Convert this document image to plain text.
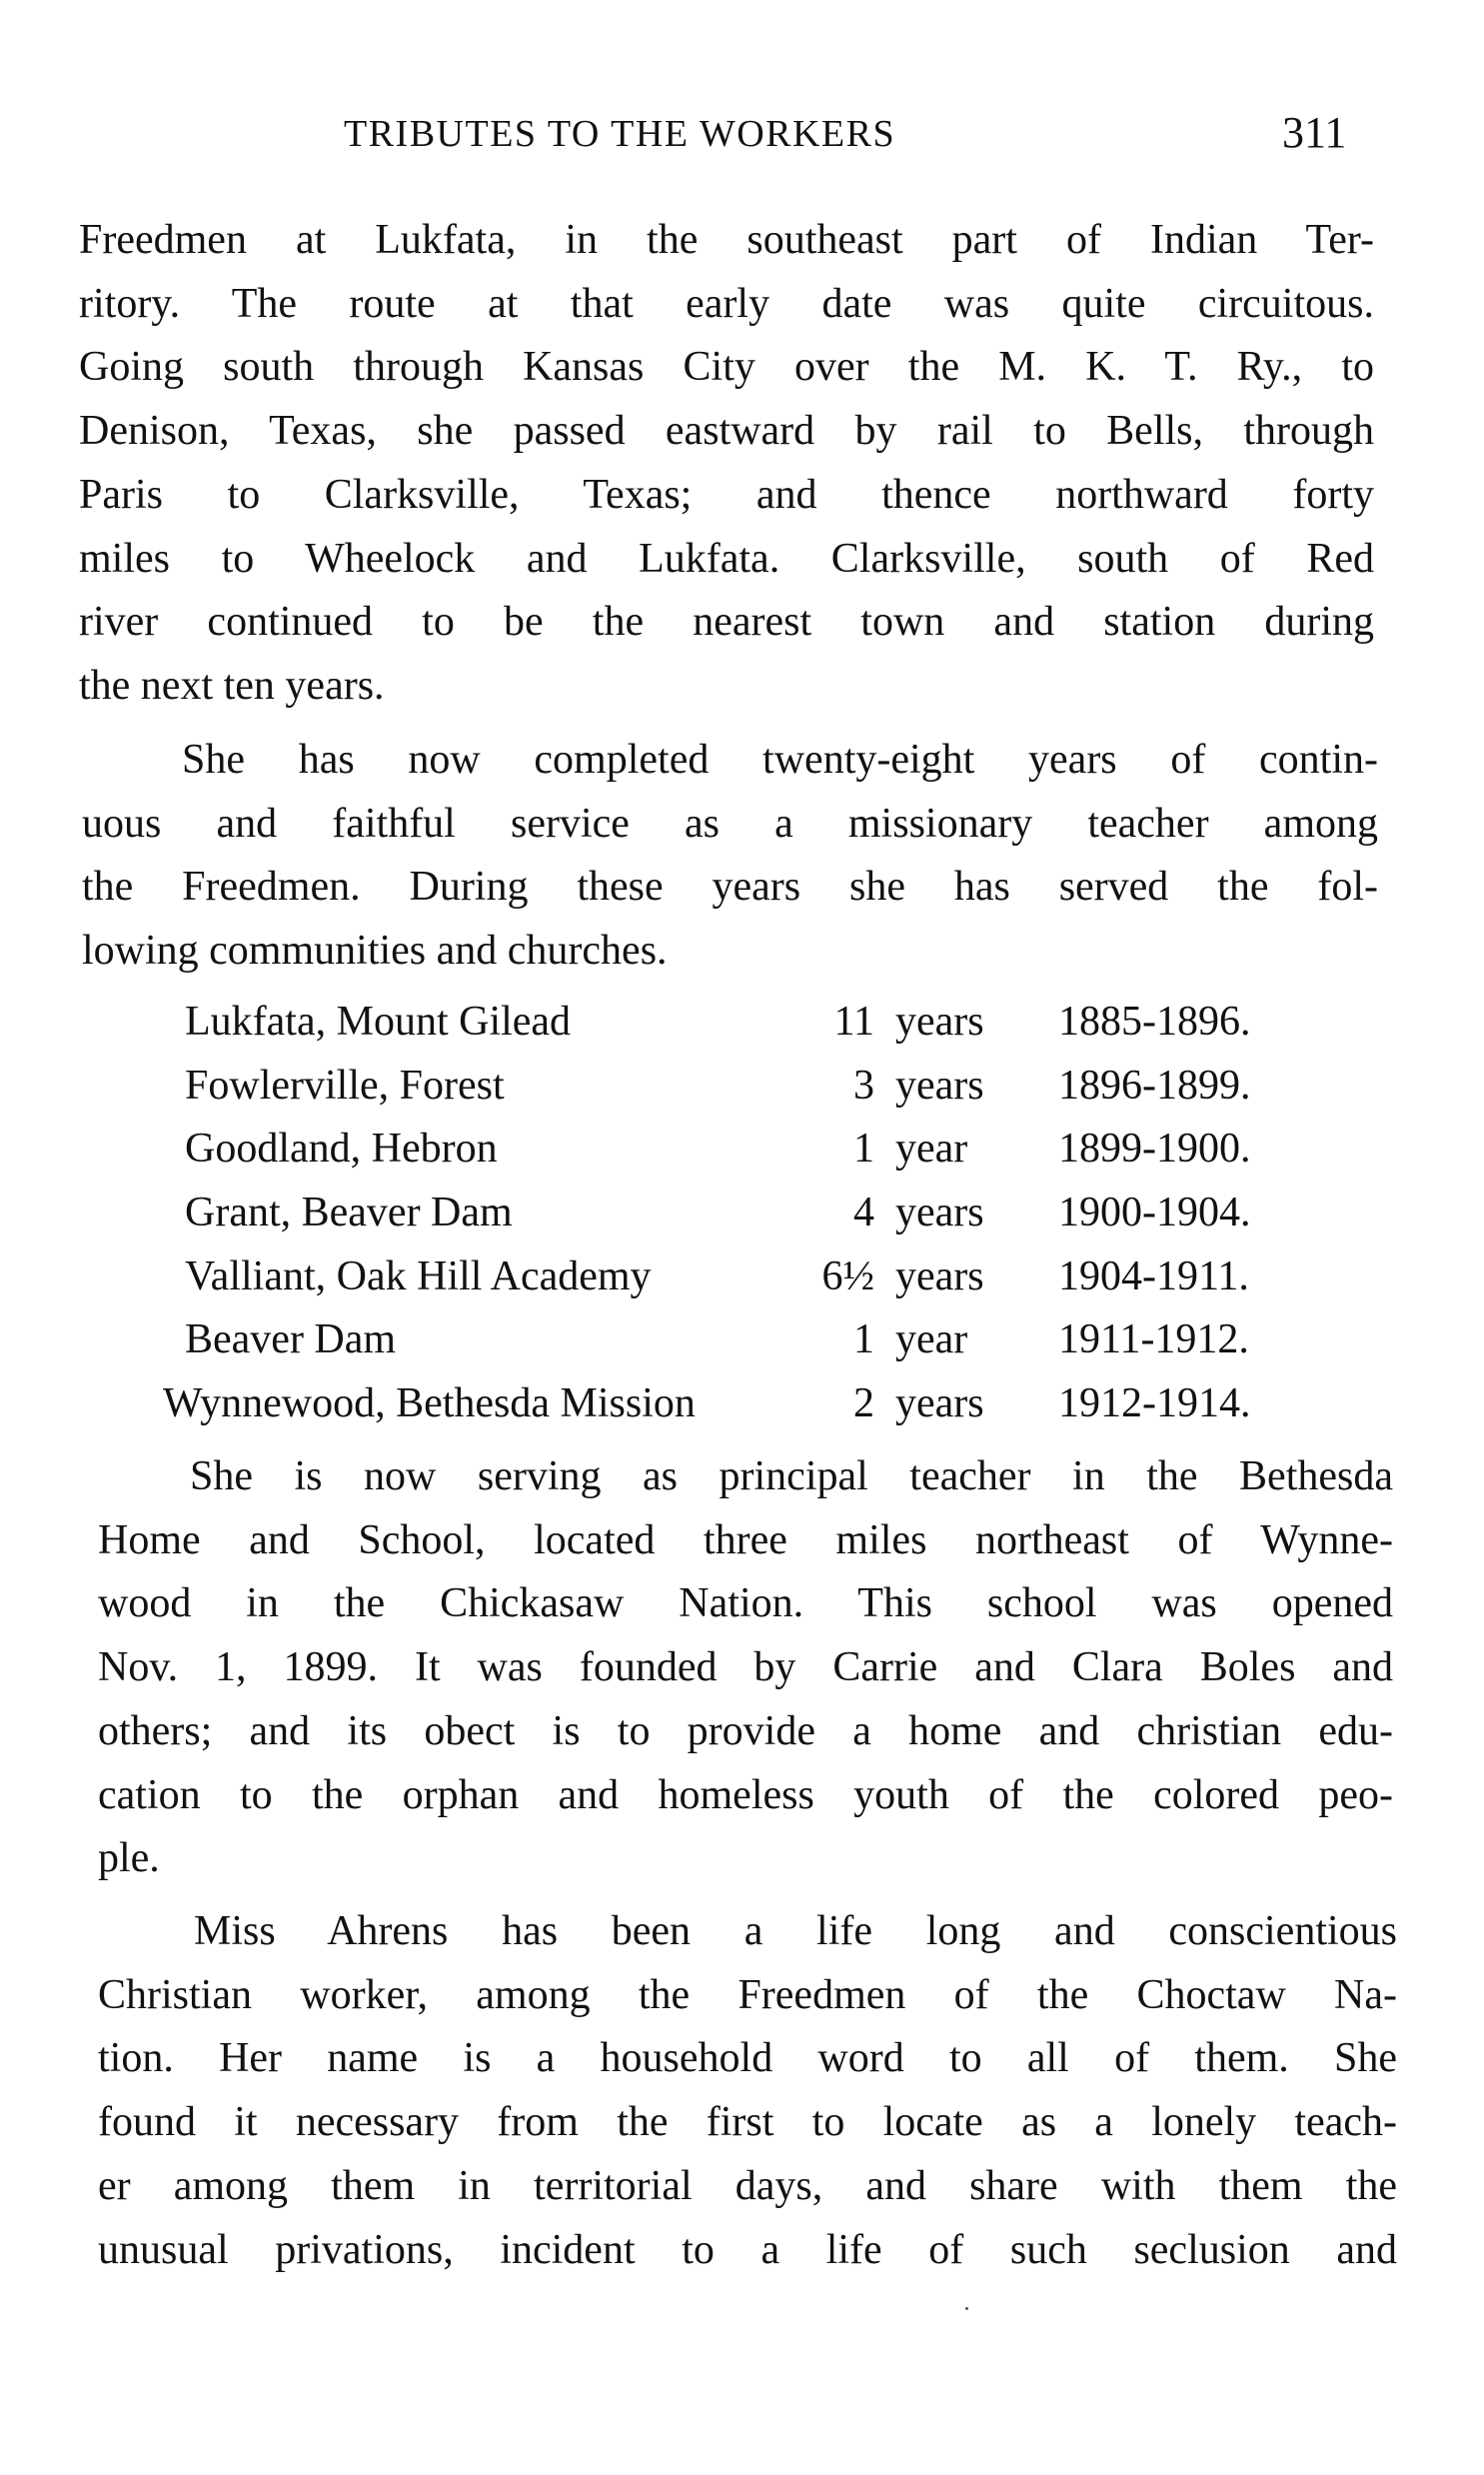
TRIBUTES TO THE WORKERS	311
Freedmen at Lukfata, in the southeast part of Indian Ter-
ritory. The route at that early date was quite circuitous.
Going south through Kansas City over the M. K. T. Ry., to
Denison, Texas, she passed eastward by rail to Bells, through
Paris to Clarksville, Texas; and thence northward forty
miles to Wheelock and Lukfata. Clarksville, south of Red
river continued to be the nearest town and station during
the next ten years.
She has now completed twenty-eight years of contin-
uous and faithful service as a missionary teacher among
the Freedmen. During these years she has served the fol-
lowing communities and churches.
Lukfata, Mount Gilead	11 years 1885-1896.
Fowlerville, Forest	3 years 1896-1899.
Goodland, Hebron	1 year 1899-1900.
Grant, Beaver Dam	4 years 1900-1904.
Valliant, Oak Hill Academy	6½ years 1904-1911.
Beaver Dam	1 year 1911-1912.
Wynnewood, Bethesda Mission	2 years 1912-1914.
She is now serving as principal teacher in the Bethesda
Home and School, located three miles northeast of Wynne-
wood in the Chickasaw Nation. This school was opened
Nov. 1, 1899. It was founded by Carrie and Clara Boles and
others; and its obect is to provide a home and christian edu-
cation to the orphan and homeless youth of the colored peo-
ple.
Miss Ahrens has been a life long and conscientious
Christian worker, among the Freedmen of the Choctaw Na-
tion. Her name is a household word to all of them. She
found it necessary from the first to locate as a lonely teach-
er among them in territorial days, and share with them the
unusual privations, incident to a life of such seclusion and
